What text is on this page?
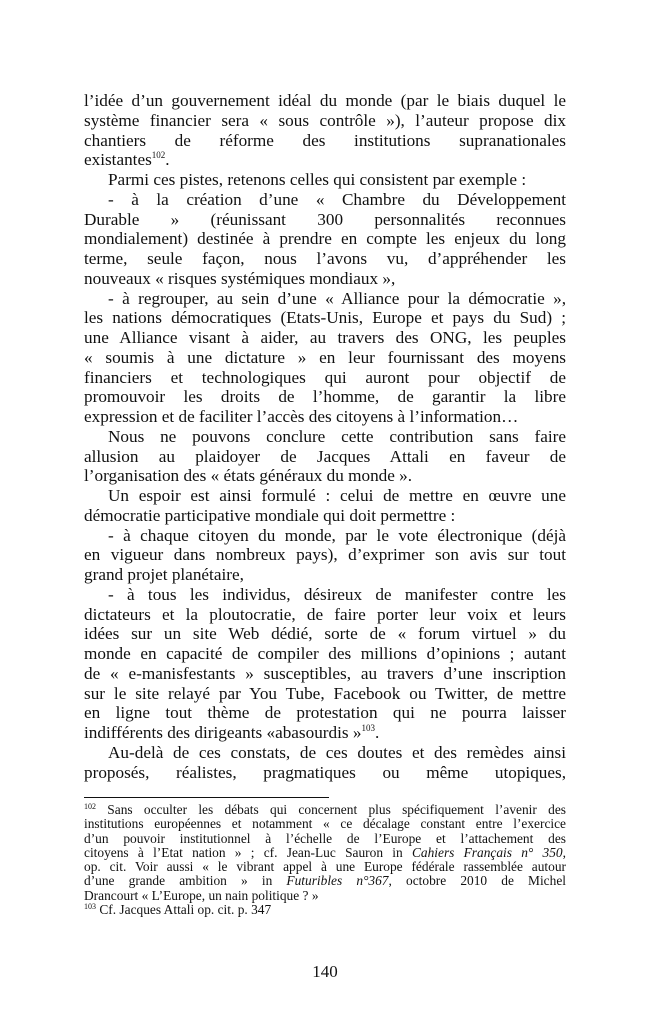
l’idée d’un gouvernement idéal du monde (par le biais duquel le
système financier sera « sous contrôle »), l’auteur propose dix
chantiers de réforme des institutions supranationales
existantes$^{102}$.
Parmi ces pistes, retenons celles qui consistent par exemple :
- à la création d’une « Chambre du Développement
Durable » (réunissant 300 personnalités reconnues
mondialement) destinée à prendre en compte les enjeux du long
terme, seule façon, nous l’avons vu, d’appréhender les
nouveaux « risques systémiques mondiaux »,
- à regrouper, au sein d’une « Alliance pour la démocratie »,
les nations démocratiques (Etats-Unis, Europe et pays du Sud) ;
une Alliance visant à aider, au travers des ONG, les peuples
« soumis à une dictature » en leur fournissant des moyens
financiers et technologiques qui auront pour objectif de
promouvoir les droits de l’homme, de garantir la libre
expression et de faciliter l’accès des citoyens à l’information…
Nous ne pouvons conclure cette contribution sans faire
allusion au plaidoyer de Jacques Attali en faveur de
l’organisation des « états généraux du monde ».
Un espoir est ainsi formulé : celui de mettre en œuvre une
démocratie participative mondiale qui doit permettre :
- à chaque citoyen du monde, par le vote électronique (déjà
en vigueur dans nombreux pays), d’exprimer son avis sur tout
grand projet planétaire,
- à tous les individus, désireux de manifester contre les
dictateurs et la ploutocratie, de faire porter leur voix et leurs
idées sur un site Web dédié, sorte de « forum virtuel » du
monde en capacité de compiler des millions d’opinions ; autant
de « e-manisfestants » susceptibles, au travers d’une inscription
sur le site relayé par You Tube, Facebook ou Twitter, de mettre
en ligne tout thème de protestation qui ne pourra laisser
indifférents des dirigeants «abasourdis »$^{103}$.
Au-delà de ces constats, de ces doutes et des remèdes ainsi
proposés, réalistes, pragmatiques ou même utopiques,
$^{102}$ Sans occulter les débats qui concernent plus spécifiquement l’avenir des
institutions européennes et notamment « ce décalage constant entre l’exercice
d’un pouvoir institutionnel à l’échelle de l’Europe et l’attachement des
citoyens à l’Etat nation » ; cf. Jean-Luc Sauron in Cahiers Français n° 350,
op. cit. Voir aussi « le vibrant appel à une Europe fédérale rassemblée autour
d’une grande ambition » in Futuribles n°367, octobre 2010 de Michel
Drancourt « L’Europe, un nain politique ? »
$^{103}$ Cf. Jacques Attali op. cit. p. 347
140
